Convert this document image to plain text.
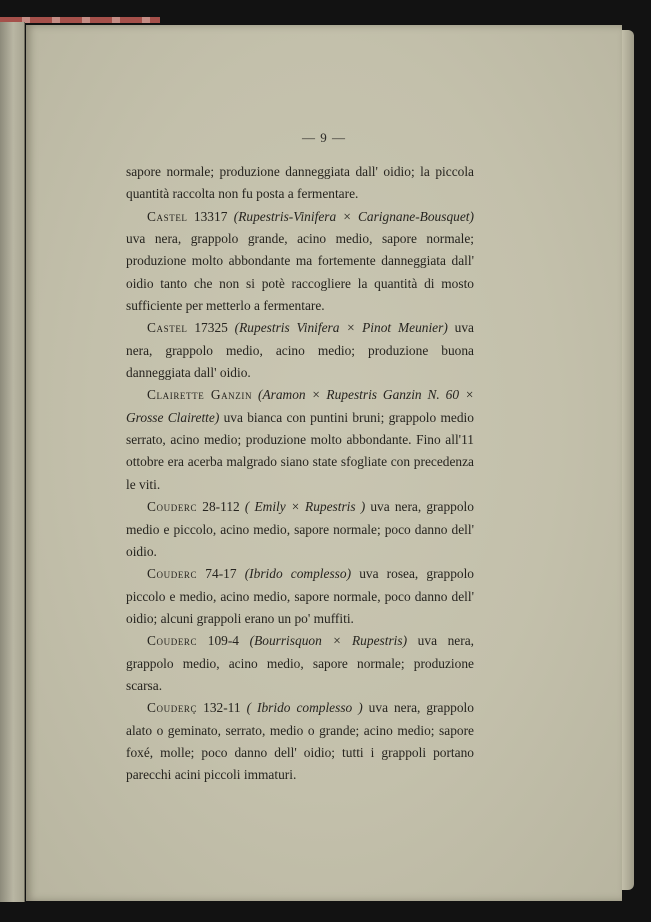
— 9 —

sapore normale; produzione danneggiata dall' oidio; la piccola quantità raccolta non fu posta a fermentare.

Castel 13317 (Rupestris-Vinifera × Carignane-Bousquet) uva nera, grappolo grande, acino medio, sapore normale; produzione molto abbondante ma fortemente danneggiata dall' oidio tanto che non si potè raccogliere la quantità di mosto sufficiente per metterlo a fermentare.

Castel 17325 (Rupestris Vinifera × Pinot Meunier) uva nera, grappolo medio, acino medio; produzione buona danneggiata dall' oidio.

Clairette Ganzin (Aramon × Rupestris Ganzin N. 60 × Grosse Clairette) uva bianca con puntini bruni; grappolo medio serrato, acino medio; produzione molto abbondante. Fino all'11 ottobre era acerba malgrado siano state sfogliate con precedenza le viti.

Couderc 28-112 ( Emily × Rupestris ) uva nera, grappolo medio e piccolo, acino medio, sapore normale; poco danno dell' oidio.

Couderc 74-17 (Ibrido complesso) uva rosea, grappolo piccolo e medio, acino medio, sapore normale, poco danno dell' oidio; alcuni grappoli erano un po' muffiti.

Couderc 109-4 (Bourrisquon × Rupestris) uva nera, grappolo medio, acino medio, sapore normale; produzione scarsa.

Couderç 132-11 ( Ibrido complesso ) uva nera, grappolo alato o geminato, serrato, medio o grande; acino medio; sapore foxé, molle; poco danno dell' oidio; tutti i grappoli portano parecchi acini piccoli immaturi.
